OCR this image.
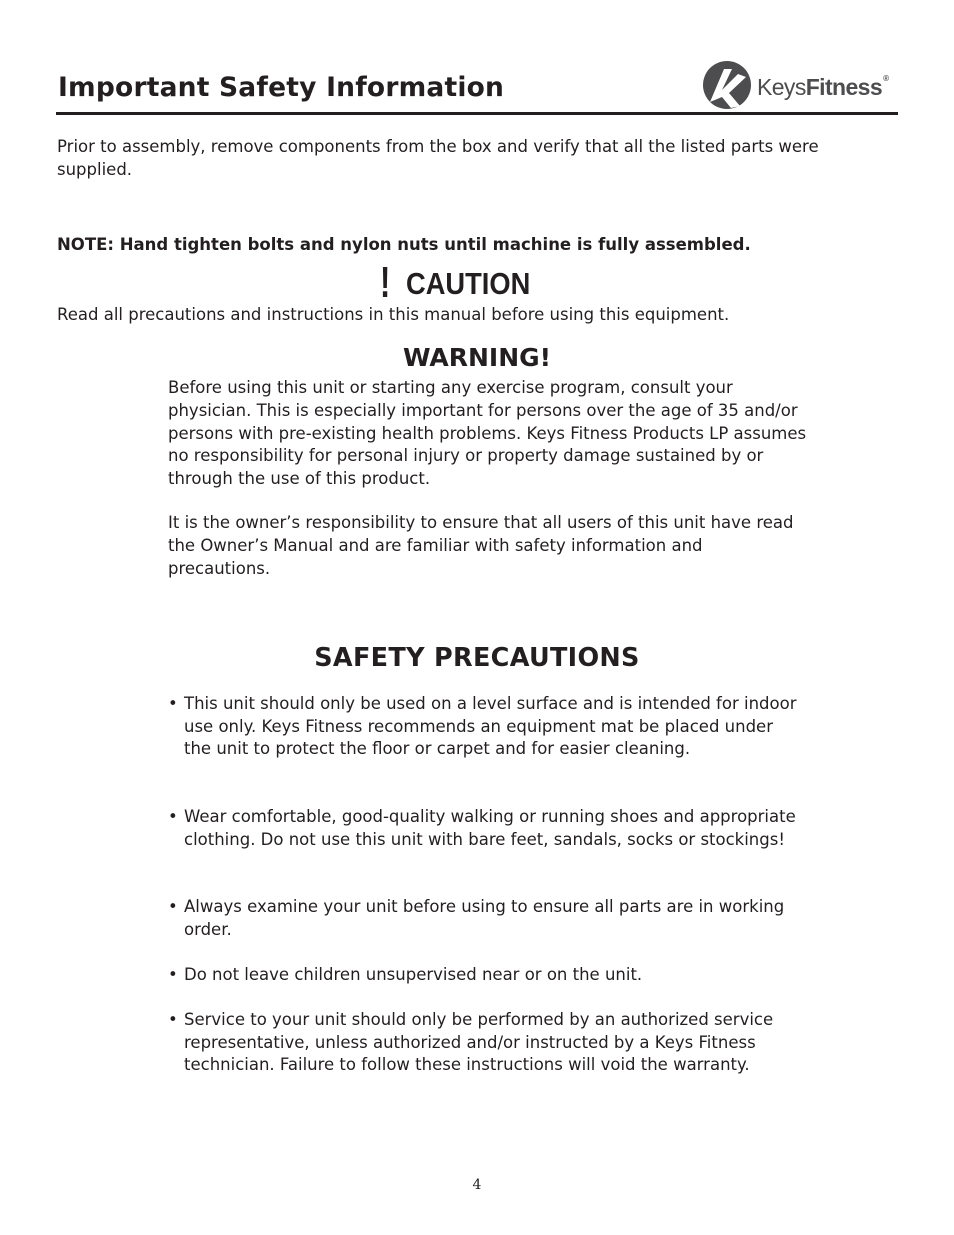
Important Safety Information	KeysFitness®

Prior to assembly, remove components from the box and verify that all the listed parts were supplied.

NOTE: Hand tighten bolts and nylon nuts until machine is fully assembled.

! CAUTION

Read all precautions and instructions in this manual before using this equipment.

WARNING!

Before using this unit or starting any exercise program, consult your physician. This is especially important for persons over the age of 35 and/or persons with pre-existing health problems. Keys Fitness Products LP assumes no responsibility for personal injury or property damage sustained by or through the use of this product.

It is the owner’s responsibility to ensure that all users of this unit have read the Owner’s Manual and are familiar with safety information and precautions.

SAFETY PRECAUTIONS
• This unit should only be used on a level surface and is intended for indoor use only. Keys Fitness recommends an equipment mat be placed under the unit to protect the floor or carpet and for easier cleaning.
• Wear comfortable, good-quality walking or running shoes and appropriate clothing. Do not use this unit with bare feet, sandals, socks or stockings!
• Always examine your unit before using to ensure all parts are in working order.
• Do not leave children unsupervised near or on the unit.
• Service to your unit should only be performed by an authorized service representative, unless authorized and/or instructed by a Keys Fitness technician. Failure to follow these instructions will void the warranty.
4
